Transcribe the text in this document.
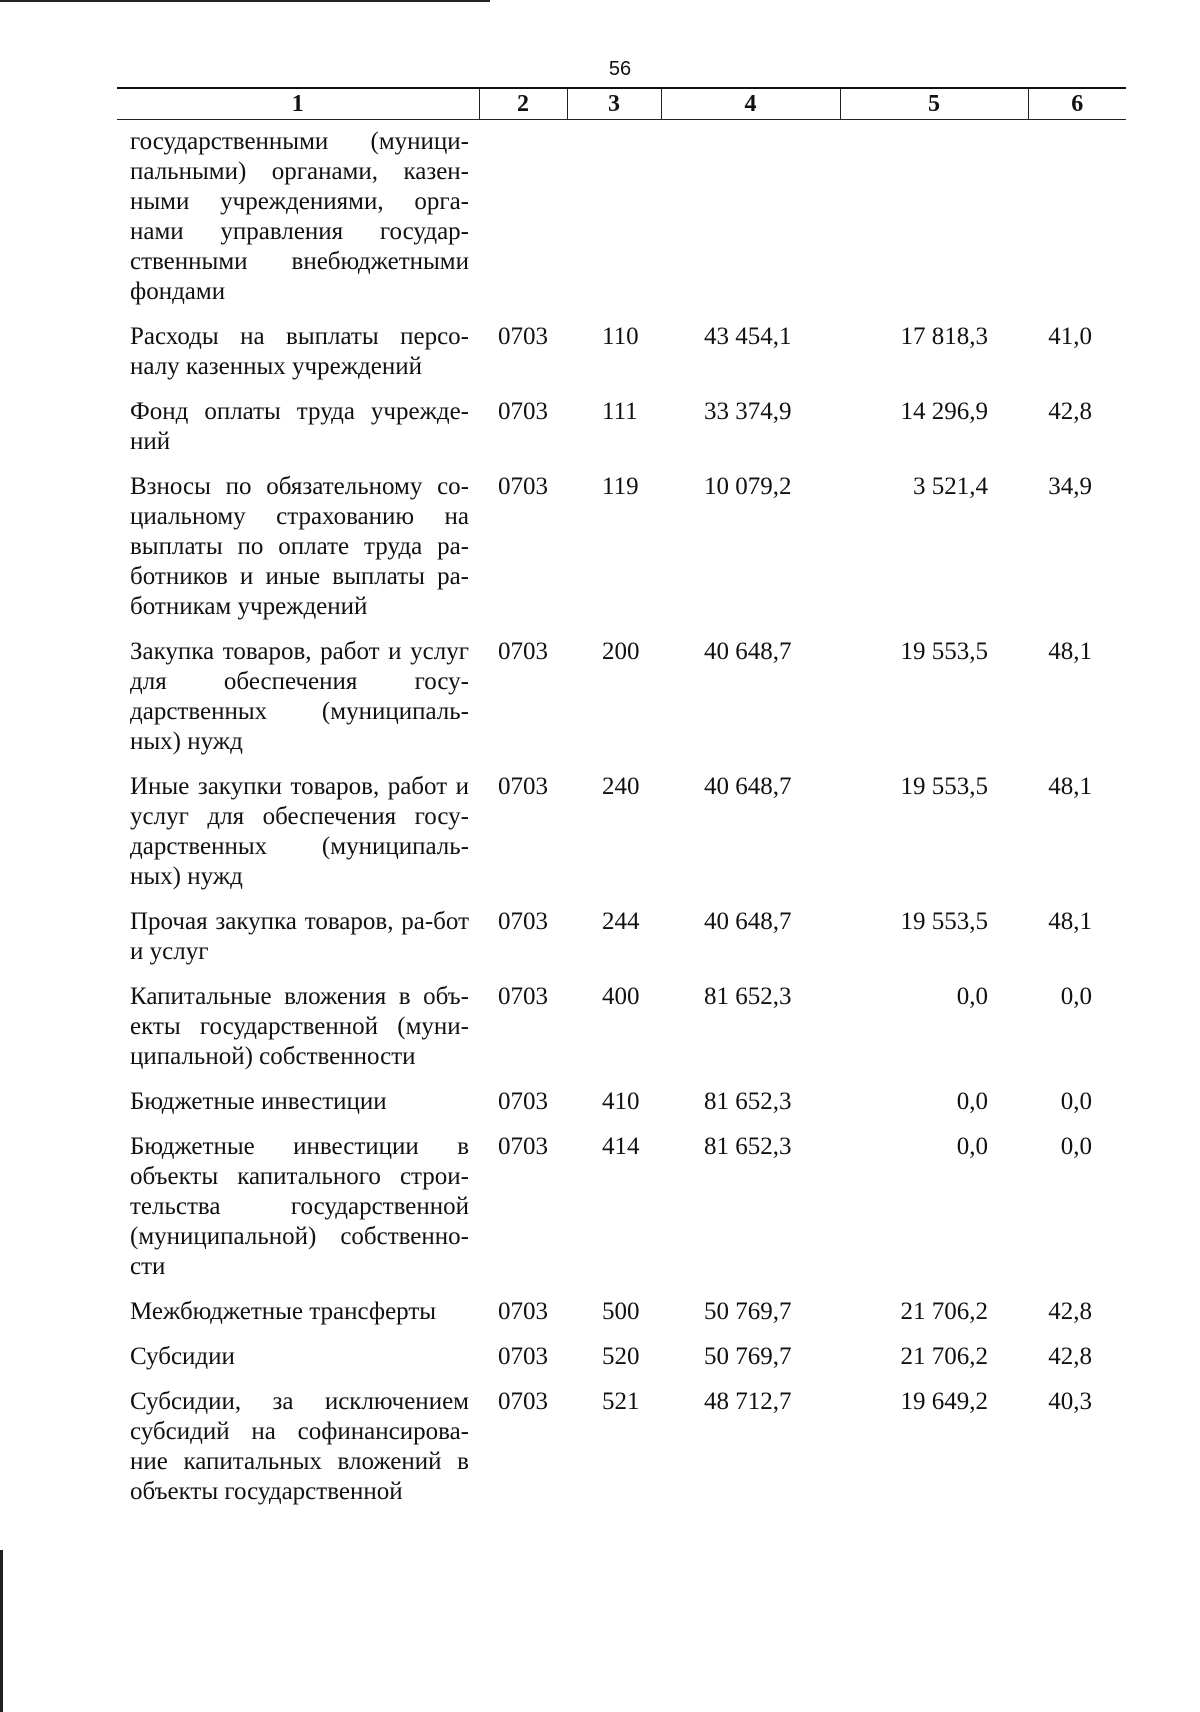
56
1	2	3	4	5	6
государственными (муници-пальными) органами, казен-ными учреждениями, орга-нами управления государ-ственными внебюджетными фондами					
Расходы на выплаты персо-налу казенных учреждений	0703	110	43 454,1	17 818,3	41,0
Фонд оплаты труда учрежде-ний	0703	111	33 374,9	14 296,9	42,8
Взносы по обязательному со-циальному страхованию на выплаты по оплате труда ра-ботников и иные выплаты ра-ботникам учреждений	0703	119	10 079,2	3 521,4	34,9
Закупка товаров, работ и услуг для обеспечения госу-дарственных (муниципаль-ных) нужд	0703	200	40 648,7	19 553,5	48,1
Иные закупки товаров, работ и услуг для обеспечения госу-дарственных (муниципаль-ных) нужд	0703	240	40 648,7	19 553,5	48,1
Прочая закупка товаров, ра-бот и услуг	0703	244	40 648,7	19 553,5	48,1
Капитальные вложения в объ-екты государственной (муни-ципальной) собственности	0703	400	81 652,3	0,0	0,0
Бюджетные инвестиции	0703	410	81 652,3	0,0	0,0
Бюджетные инвестиции в объекты капитального строи-тельства государственной (муниципальной) собственно-сти	0703	414	81 652,3	0,0	0,0
Межбюджетные трансферты	0703	500	50 769,7	21 706,2	42,8
Субсидии	0703	520	50 769,7	21 706,2	42,8
Субсидии, за исключением субсидий на софинансирова-ние капитальных вложений в объекты государственной	0703	521	48 712,7	19 649,2	40,3
